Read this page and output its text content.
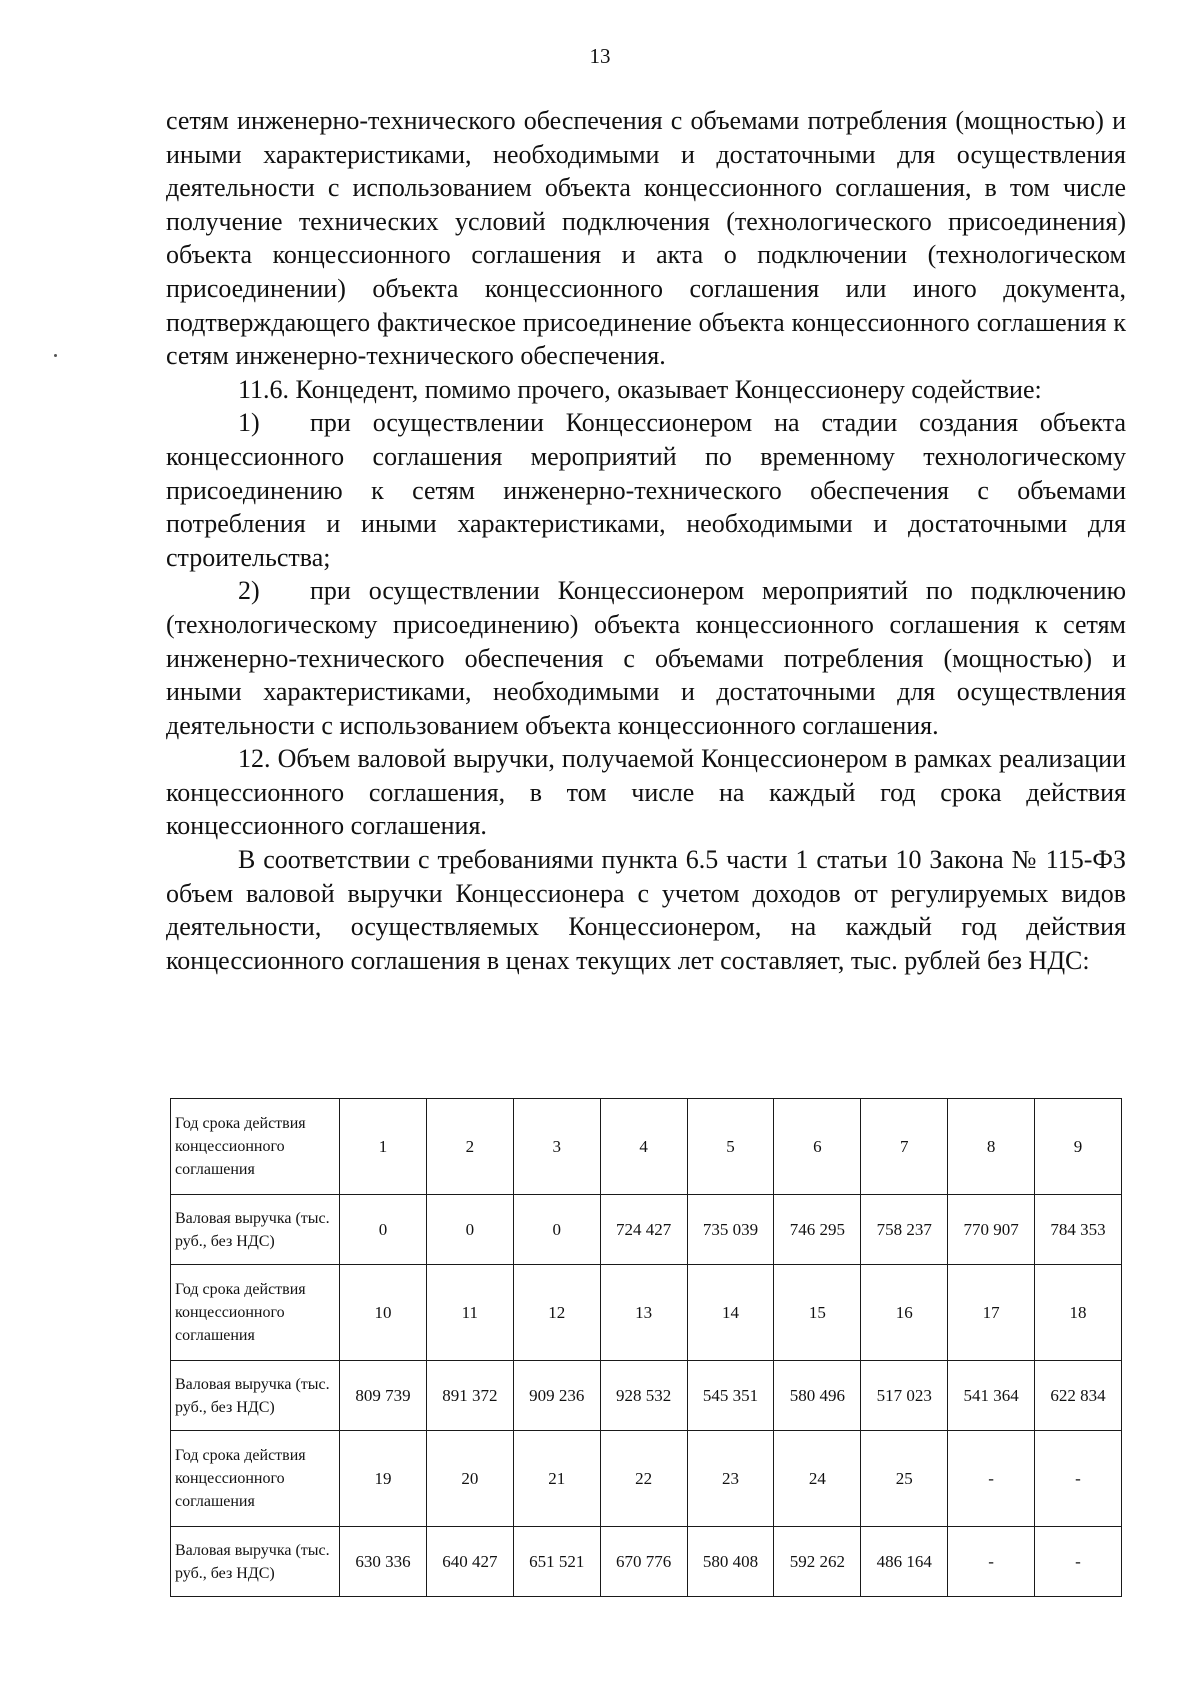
13

сетям инженерно-технического обеспечения с объемами потребления (мощностью) и иными характеристиками, необходимыми и достаточными для осуществления деятельности с использованием объекта концессионного соглашения, в том числе получение технических условий подключения (технологического присоединения) объекта концессионного соглашения и акта о подключении (технологическом присоединении) объекта концессионного соглашения или иного документа, подтверждающего фактическое присоединение объекта концессионного соглашения к сетям инженерно-технического обеспечения.

11.6. Концедент, помимо прочего, оказывает Концессионеру содействие:

1) при осуществлении Концессионером на стадии создания объекта концессионного соглашения мероприятий по временному технологическому присоединению к сетям инженерно-технического обеспечения с объемами потребления и иными характеристиками, необходимыми и достаточными для строительства;

2) при осуществлении Концессионером мероприятий по подключению (технологическому присоединению) объекта концессионного соглашения к сетям инженерно-технического обеспечения с объемами потребления (мощностью) и иными характеристиками, необходимыми и достаточными для осуществления деятельности с использованием объекта концессионного соглашения.

12. Объем валовой выручки, получаемой Концессионером в рамках реализации концессионного соглашения, в том числе на каждый год срока действия концессионного соглашения.

В соответствии с требованиями пункта 6.5 части 1 статьи 10 Закона № 115-ФЗ объем валовой выручки Концессионера с учетом доходов от регулируемых видов деятельности, осуществляемых Концессионером, на каждый год действия концессионного соглашения в ценах текущих лет составляет, тыс. рублей без НДС:

Год срока действия концессионного соглашения	1	2	3	4	5	6	7	8	9
Валовая выручка (тыс. руб., без НДС)	0	0	0	724 427	735 039	746 295	758 237	770 907	784 353
Год срока действия концессионного соглашения	10	11	12	13	14	15	16	17	18
Валовая выручка (тыс. руб., без НДС)	809 739	891 372	909 236	928 532	545 351	580 496	517 023	541 364	622 834
Год срока действия концессионного соглашения	19	20	21	22	23	24	25	-	-
Валовая выручка (тыс. руб., без НДС)	630 336	640 427	651 521	670 776	580 408	592 262	486 164	-	-
